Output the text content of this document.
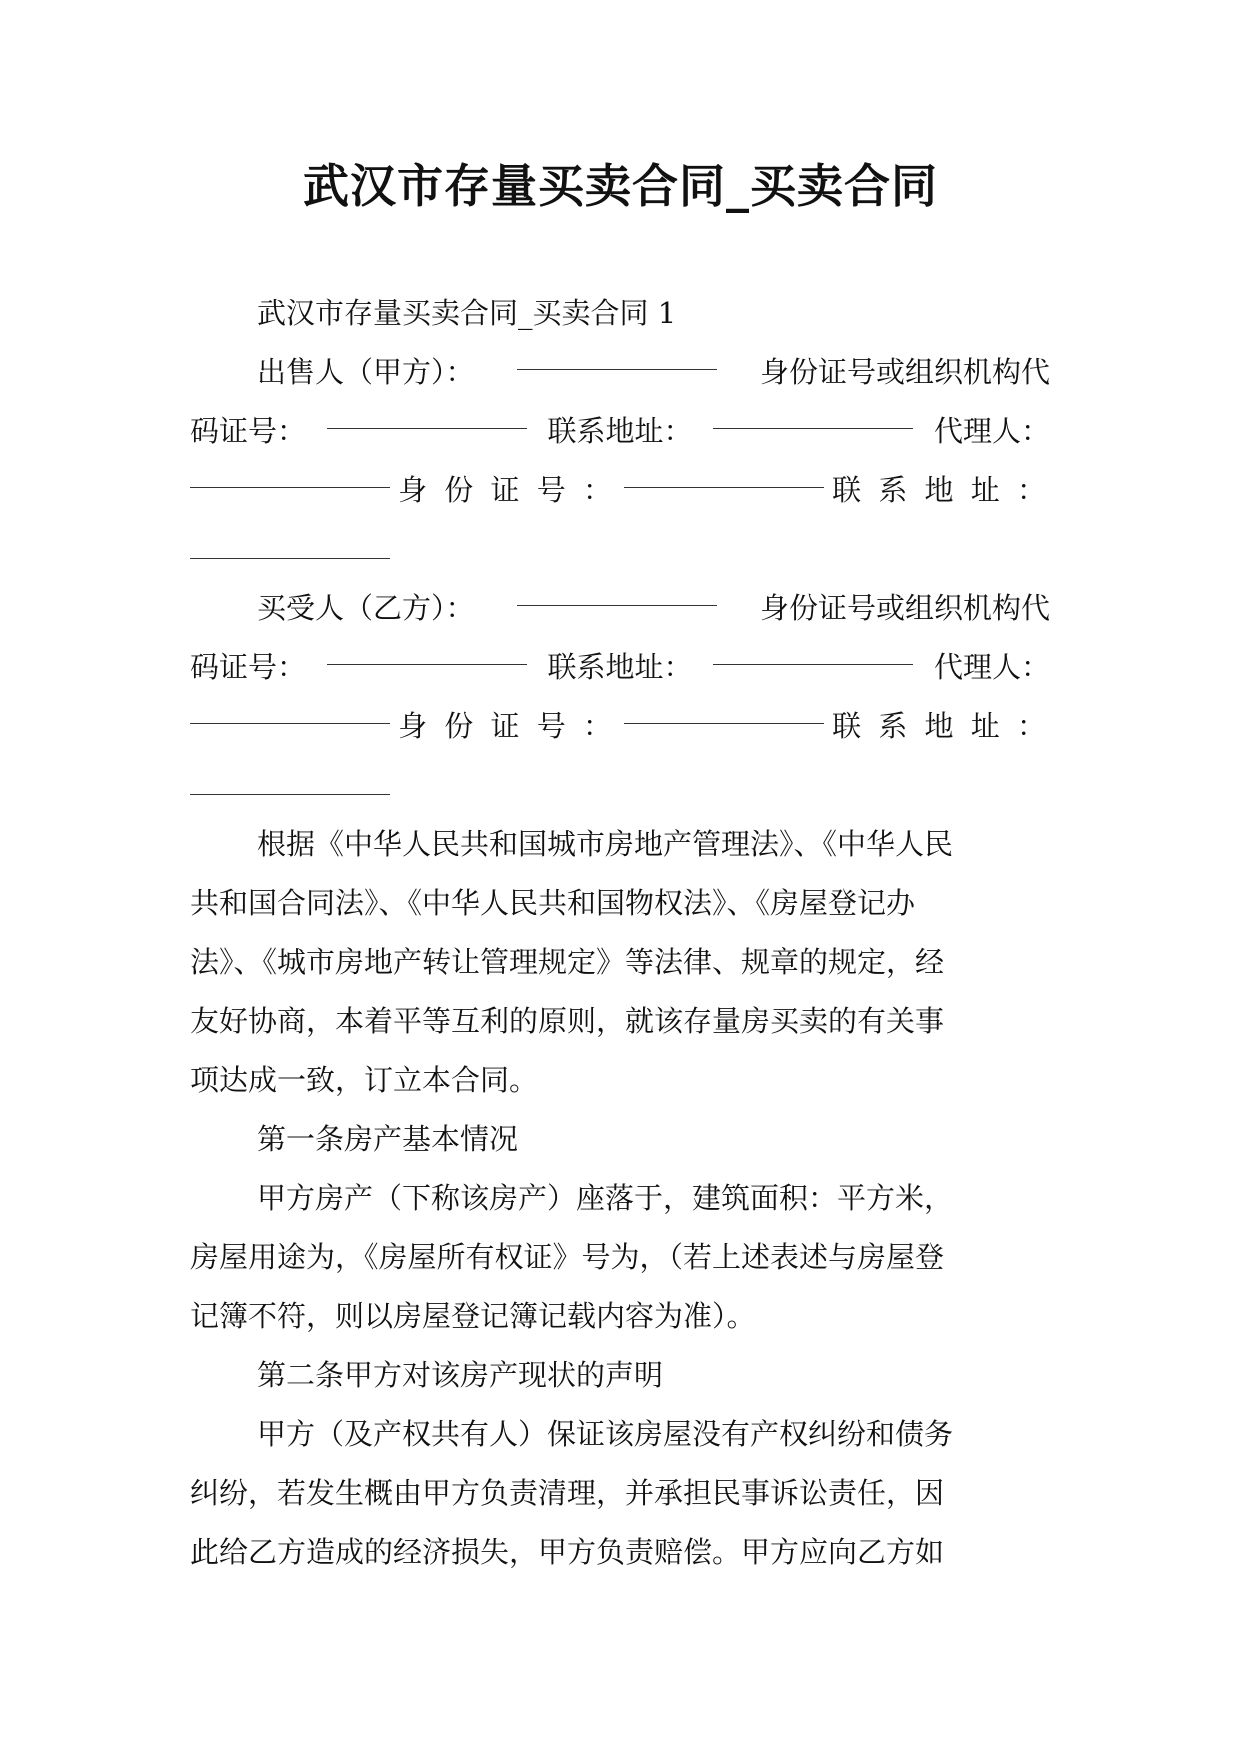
武汉市存量买卖合同_买卖合同
武汉市存量买卖合同_买卖合同 1
出售人（甲方）：	身份证号或组织机构代
码证号：	联系地址：	代理人：
身 份 证 号 ：	联 系 地 址 ：
买受人（乙方）：	身份证号或组织机构代
码证号：	联系地址：	代理人：
身 份 证 号 ：	联 系 地 址 ：
根据《中华人民共和国城市房地产管理法》、《中华人民
共和国合同法》、《中华人民共和国物权法》、《房屋登记办
法》、《城市房地产转让管理规定》等法律、规章的规定，经
友好协商，本着平等互利的原则，就该存量房买卖的有关事
项达成一致，订立本合同。
第一条房产基本情况
甲方房产（下称该房产）座落于，建筑面积：平方米，
房屋用途为，《房屋所有权证》号为，（若上述表述与房屋登
记簿不符，则以房屋登记簿记载内容为准）。
第二条甲方对该房产现状的声明
甲方（及产权共有人）保证该房屋没有产权纠纷和债务
纠纷，若发生概由甲方负责清理，并承担民事诉讼责任，因
此给乙方造成的经济损失，甲方负责赔偿。甲方应向乙方如
